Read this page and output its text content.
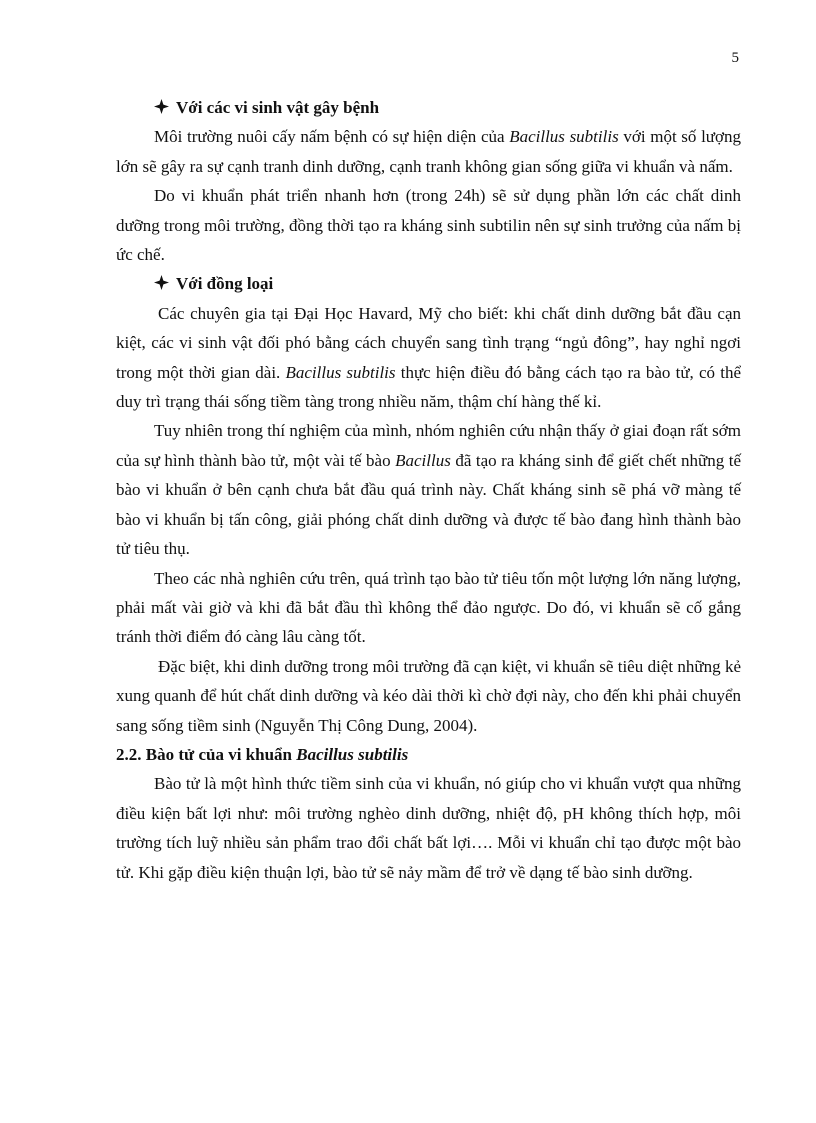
5

Với các vi sinh vật gây bệnh

Môi trường nuôi cấy nấm bệnh có sự hiện diện của Bacillus subtilis với một số lượng lớn sẽ gây ra sự cạnh tranh dinh dưỡng, cạnh tranh không gian sống giữa vi khuẩn và nấm.

Do vi khuẩn phát triển nhanh hơn (trong 24h) sẽ sử dụng phần lớn các chất dinh dưỡng trong môi trường, đồng thời tạo ra kháng sinh subtilin nên sự sinh trưởng của nấm bị ức chế.

Với đồng loại

Các chuyên gia tại Đại Học Havard, Mỹ cho biết: khi chất dinh dưỡng bắt đầu cạn kiệt, các vi sinh vật đối phó bằng cách chuyển sang tình trạng “ngủ đông”, hay nghỉ ngơi trong một thời gian dài. Bacillus subtilis thực hiện điều đó bằng cách tạo ra bào tử, có thể duy trì trạng thái sống tiềm tàng trong nhiều năm, thậm chí hàng thế kỉ.

Tuy nhiên trong thí nghiệm của mình, nhóm nghiên cứu nhận thấy ở giai đoạn rất sớm của sự hình thành bào tử, một vài tế bào Bacillus đã tạo ra kháng sinh để giết chết những tế bào vi khuẩn ở bên cạnh chưa bắt đầu quá trình này. Chất kháng sinh sẽ phá vỡ màng tế bào vi khuẩn bị tấn công, giải phóng chất dinh dưỡng và được tế bào đang hình thành bào tử tiêu thụ.

Theo các nhà nghiên cứu trên, quá trình tạo bào tử tiêu tốn một lượng lớn năng lượng, phải mất vài giờ và khi đã bắt đầu thì không thể đảo ngược. Do đó, vi khuẩn sẽ cố gắng tránh thời điểm đó càng lâu càng tốt.

Đặc biệt, khi dinh dưỡng trong môi trường đã cạn kiệt, vi khuẩn sẽ tiêu diệt những kẻ xung quanh để hút chất dinh dưỡng và kéo dài thời kì chờ đợi này, cho đến khi phải chuyển sang sống tiềm sinh (Nguyễn Thị Công Dung, 2004).

2.2. Bào tử của vi khuẩn Bacillus subtilis

Bào tử là một hình thức tiềm sinh của vi khuẩn, nó giúp cho vi khuẩn vượt qua những điều kiện bất lợi như: môi trường nghèo dinh dưỡng, nhiệt độ, pH không thích hợp, môi trường tích luỹ nhiều sản phẩm trao đổi chất bất lợi…. Mỗi vi khuẩn chỉ tạo được một bào tử. Khi gặp điều kiện thuận lợi, bào tử sẽ nảy mầm để trở về dạng tế bào sinh dưỡng.
